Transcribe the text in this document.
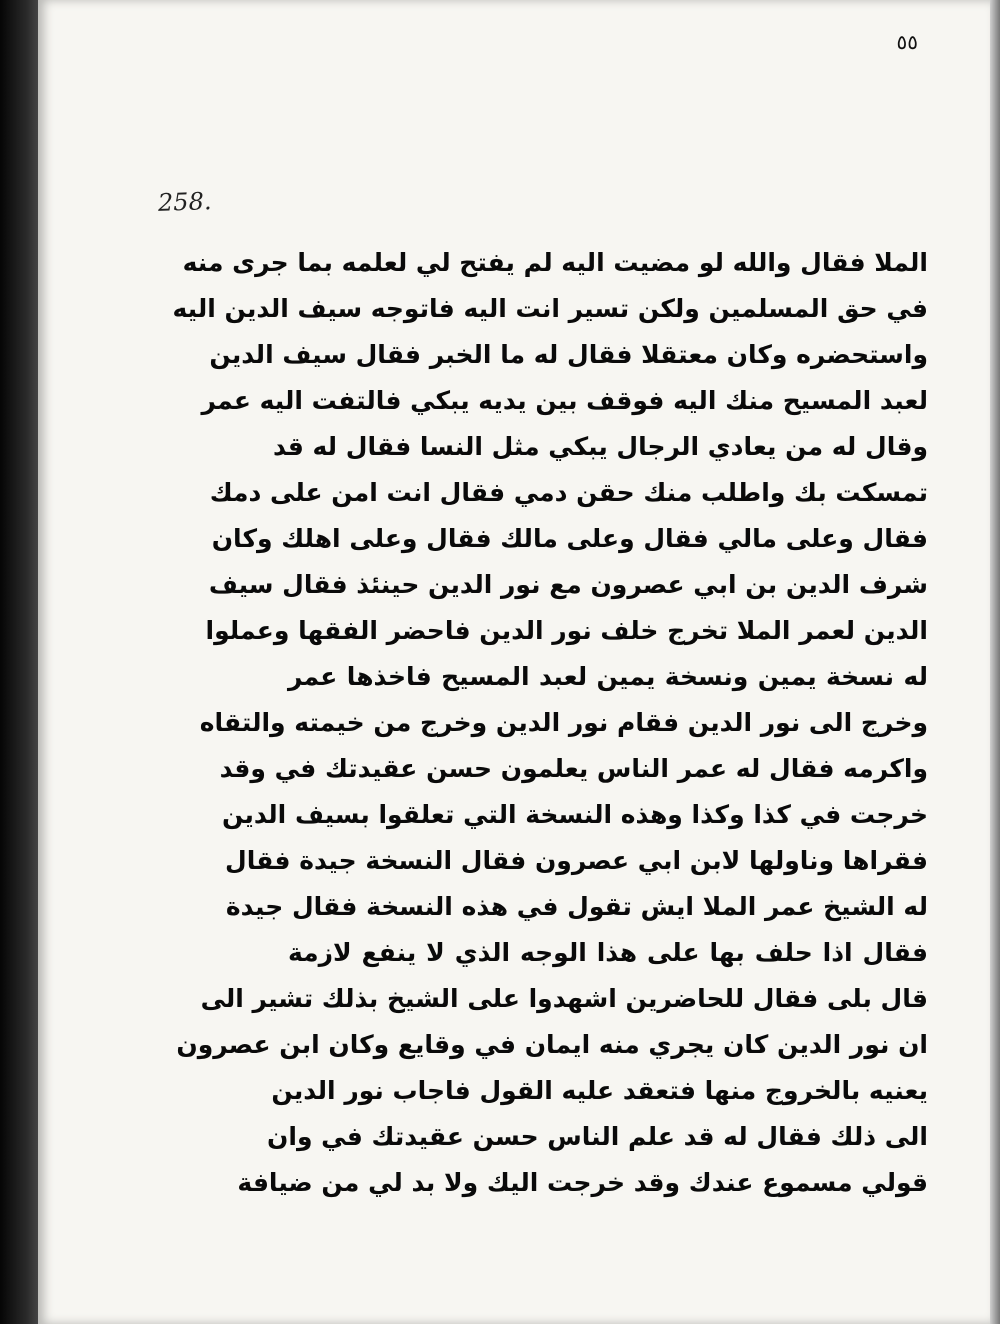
٥٥
258.
الملا فقال والله لو مضيت اليه لم يفتح لي لعلمه بما جرى منه
في حق المسلمين ولكن تسير انت اليه فاتوجه سيف الدين اليه
واستحضره وكان معتقلا فقال له ما الخبر فقال سيف الدين
لعبد المسيح منك اليه فوقف بين يديه يبكي فالتفت اليه عمر
وقال له من يعادي الرجال يبكي مثل النسا فقال له قد
تمسكت بك واطلب منك حقن دمي فقال انت امن على دمك
فقال وعلى مالي فقال وعلى مالك فقال وعلى اهلك وكان
شرف الدين بن ابي عصرون مع نور الدين حينئذ فقال سيف
الدين لعمر الملا تخرج خلف نور الدين فاحضر الفقها وعملوا
له نسخة يمين ونسخة يمين لعبد المسيح فاخذها عمر
وخرج الى نور الدين فقام نور الدين وخرج من خيمته والتقاه
واكرمه فقال له عمر الناس يعلمون حسن عقيدتك في وقد
خرجت في كذا وكذا وهذه النسخة التي تعلقوا بسيف الدين
فقراها وناولها لابن ابي عصرون فقال النسخة جيدة فقال
له الشيخ عمر الملا ايش تقول في هذه النسخة فقال جيدة
فقال اذا حلف بها على هذا الوجه الذي لا ينفع لازمة
قال بلى فقال للحاضرين اشهدوا على الشيخ بذلك تشير الى
ان نور الدين كان يجري منه ايمان في وقايع وكان ابن عصرون
يعنيه بالخروج منها فتعقد عليه القول فاجاب نور الدين
الى ذلك فقال له قد علم الناس حسن عقيدتك في وان
قولي مسموع عندك وقد خرجت اليك ولا بد لي من ضيافة
